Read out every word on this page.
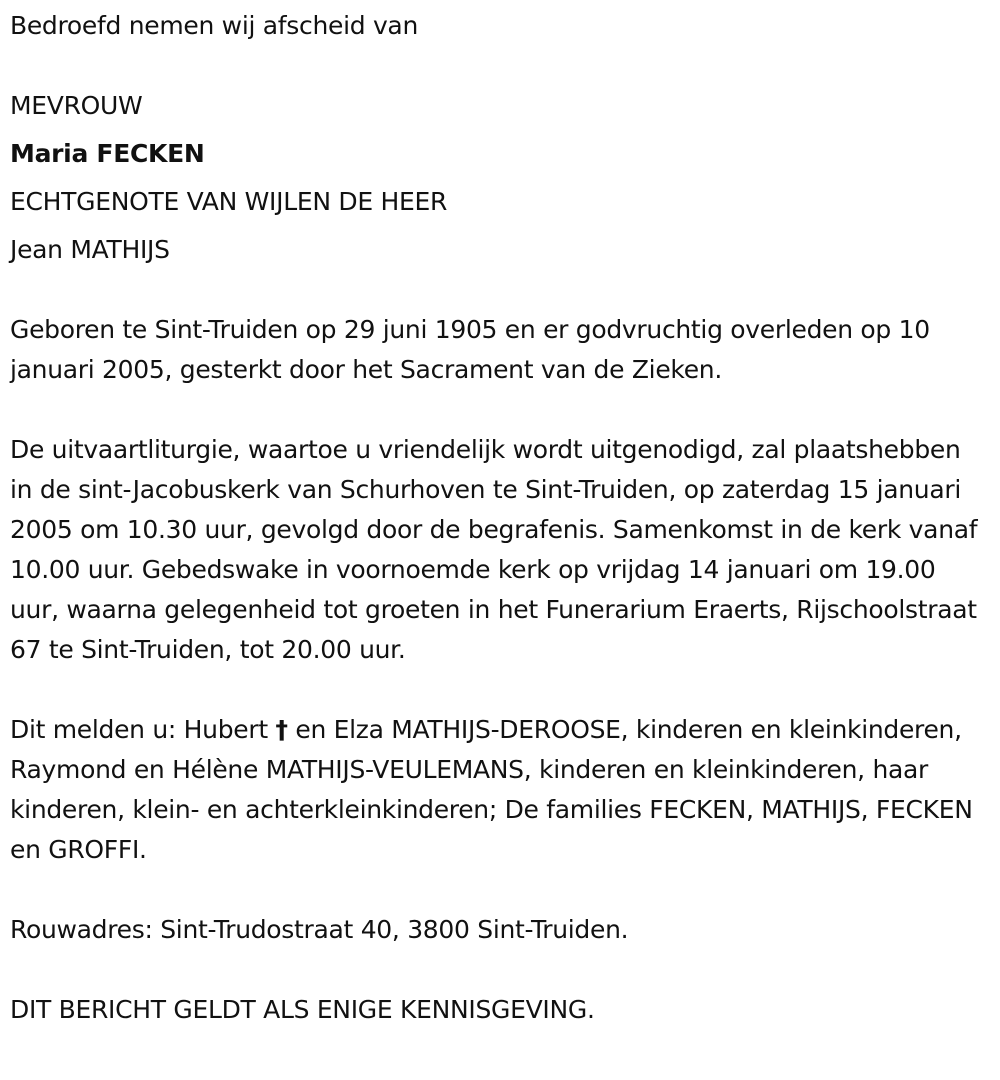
Bedroefd nemen wij afscheid van

MEVROUW

Maria FECKEN

ECHTGENOTE VAN WIJLEN DE HEER

Jean MATHIJS

Geboren te Sint-Truiden op 29 juni 1905 en er godvruchtig overleden op 10 januari 2005, gesterkt door het Sacrament van de Zieken.

De uitvaartliturgie, waartoe u vriendelijk wordt uitgenodigd, zal plaatshebben in de sint-Jacobuskerk van Schurhoven te Sint-Truiden, op zaterdag 15 januari 2005 om 10.30 uur, gevolgd door de begrafenis. Samenkomst in de kerk vanaf 10.00 uur. Gebedswake in voornoemde kerk op vrijdag 14 januari om 19.00 uur, waarna gelegenheid tot groeten in het Funerarium Eraerts, Rijschoolstraat 67 te Sint-Truiden, tot 20.00 uur.

Dit melden u: Hubert † en Elza MATHIJS-DEROOSE, kinderen en kleinkinderen, Raymond en Hélène MATHIJS-VEULEMANS, kinderen en kleinkinderen, haar kinderen, klein- en achterkleinkinderen; De families FECKEN, MATHIJS, FECKEN en GROFFI.

Rouwadres: Sint-Trudostraat 40, 3800 Sint-Truiden.

DIT BERICHT GELDT ALS ENIGE KENNISGEVING.
